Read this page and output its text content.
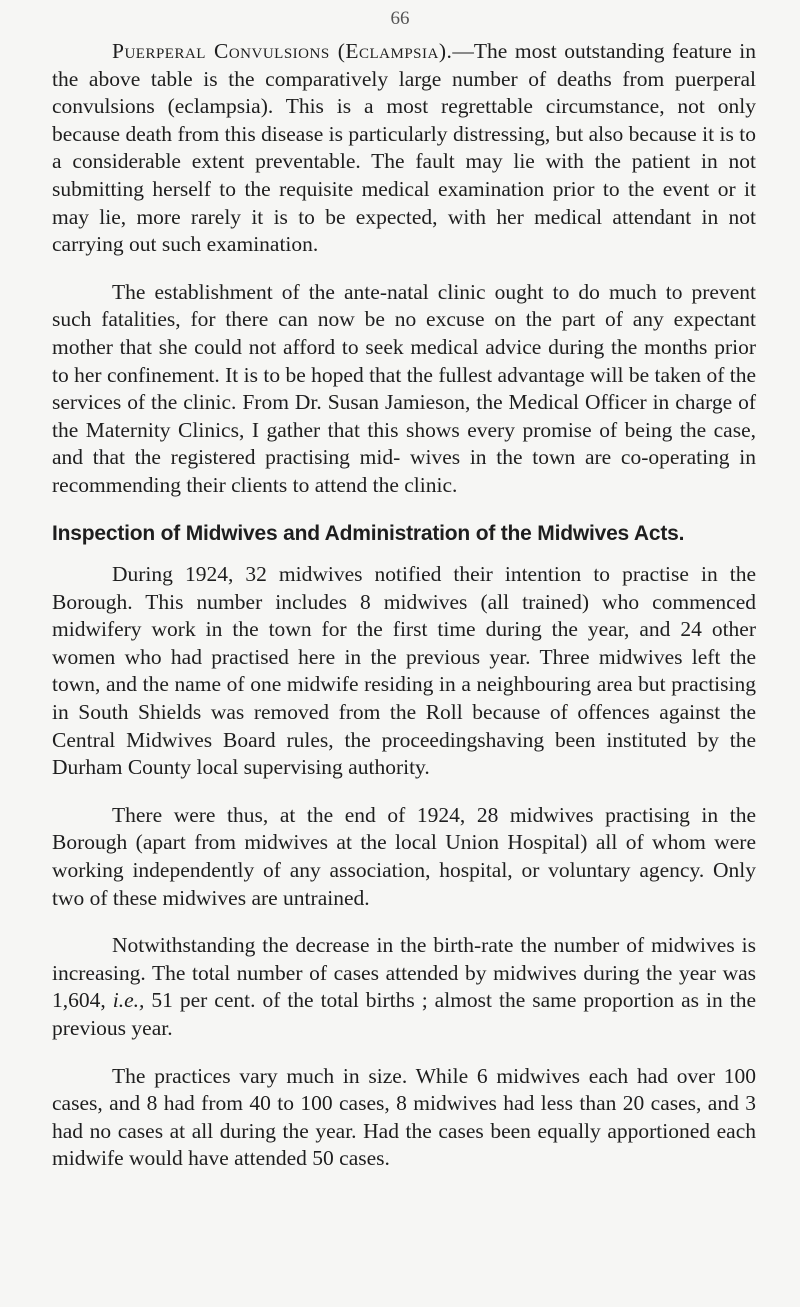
66

Puerperal Convulsions (Eclampsia).—The most outstanding feature in the above table is the comparatively large number of deaths from puerperal convulsions (eclampsia). This is a most regrettable circumstance, not only because death from this disease is particularly distressing, but also because it is to a considerable extent preventable. The fault may lie with the patient in not submitting herself to the requisite medical examination prior to the event or it may lie, more rarely it is to be expected, with her medical attendant in not carrying out such examination.

The establishment of the ante-natal clinic ought to do much to prevent such fatalities, for there can now be no excuse on the part of any expectant mother that she could not afford to seek medical advice during the months prior to her confinement. It is to be hoped that the fullest advantage will be taken of the services of the clinic. From Dr. Susan Jamieson, the Medical Officer in charge of the Maternity Clinics, I gather that this shows every promise of being the case, and that the registered practising mid- wives in the town are co-operating in recommending their clients to attend the clinic.

Inspection of Midwives and Administration of the Midwives Acts.

During 1924, 32 midwives notified their intention to practise in the Borough. This number includes 8 midwives (all trained) who commenced midwifery work in the town for the first time during the year, and 24 other women who had practised here in the previous year. Three midwives left the town, and the name of one midwife residing in a neighbouring area but practising in South Shields was removed from the Roll because of offences against the Central Midwives Board rules, the proceedingshaving been instituted by the Durham County local supervising authority.

There were thus, at the end of 1924, 28 midwives practising in the Borough (apart from midwives at the local Union Hospital) all of whom were working independently of any association, hospital, or voluntary agency. Only two of these midwives are untrained.

Notwithstanding the decrease in the birth-rate the number of midwives is increasing. The total number of cases attended by midwives during the year was 1,604, i.e., 51 per cent. of the total births ; almost the same proportion as in the previous year.

The practices vary much in size. While 6 midwives each had over 100 cases, and 8 had from 40 to 100 cases, 8 midwives had less than 20 cases, and 3 had no cases at all during the year. Had the cases been equally apportioned each midwife would have attended 50 cases.
